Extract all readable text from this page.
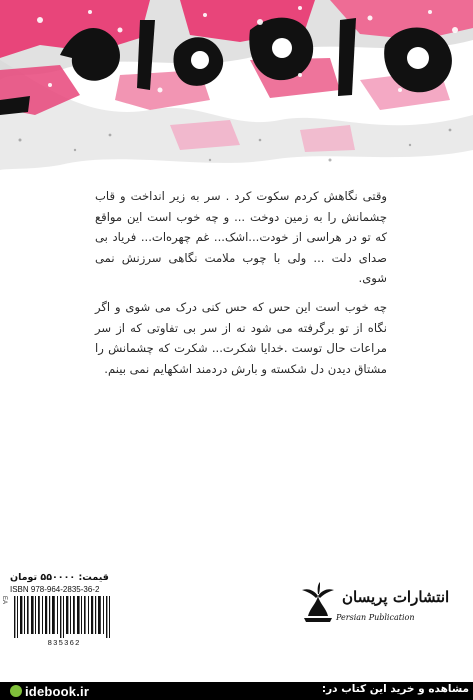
وقتی نگاهش کردم سکوت کرد . سر به زیر انداخت و قاب چشمانش را به زمین دوخت ... و چه خوب است این مواقع که تو در هراسی از خودت...اشک... غم چهره‌ات... فریاد بی صدای دلت ... ولی با چوب ملامت نگاهی سرزنش نمی شوی.

چه خوب است این حس که حس کنی درک می شوی و اگر نگاه از تو برگرفته می شود نه از سر بی تفاوتی که از سر مراعات حال توست .خدایا شکرت... شکرت که چشمانش را مشتاق دیدن دل شکسته و بارش دردمند اشکهایم نمی بینم.

قیمت: ۵۵۰۰۰۰ تومان
ISBN 978-964-2835-36-2
EA
835362
انتشارات پریسان
Persian Publication
idebook.ir	مشاهده و خرید این کتاب در:
